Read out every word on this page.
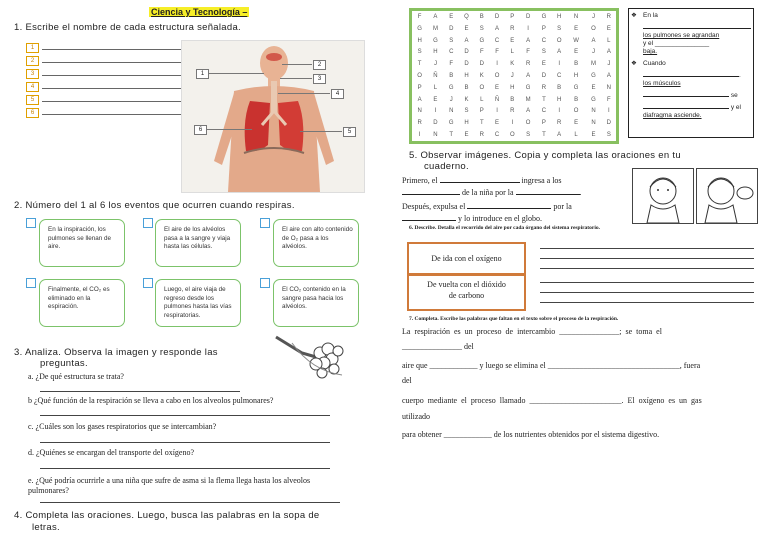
Ciencia y Tecnología –
1. Escribe el nombre de cada estructura señalada.
1
2
3
4
5
6
1
2
3
4
5
6
2. Número del 1 al 6 los eventos que ocurren cuando respiras.
En la inspiración, los pulmones se llenan de aire.
El aire de los alvéolos pasa a la sangre y viaja hasta las células.
El aire con alto contenido de O₂ pasa a los alvéolos.
Finalmente, el CO₂ es eliminado en la espiración.
Luego, el aire viaja de regreso desde los pulmones hasta las vías respiratorias.
El CO₂ contenido en la sangre pasa hacia los alvéolos.
3. Analiza. Observa la imagen y responde las
preguntas.
a. ¿De qué estructura se trata?
b ¿Qué función de la respiración se lleva a cabo en los alveolos pulmonares?
c. ¿Cuáles son los gases respiratorios que se intercambian?
d. ¿Quiénes se encargan del transporte del oxígeno?
e. ¿Qué podría ocurrirle a una niña que sufre de asma si la flema llega hasta los alveolos
pulmonares?
4. Completa las oraciones. Luego, busca las palabras en la sopa de
letras.
F	A	E	Q	B	D	P	D	G	H	N	J	R
G	M	D	E	S	A	R	I	P	S	E	O	E
H	G	S	A	G	C	E	A	C	O	W	A	L
S	H	C	D	F	F	L	F	S	A	E	J	A
T	J	F	D	D	I	K	R	E	I	B	M	J
O	Ñ	B	H	K	O	J	A	D	C	H	G	A
P	L	G	B	O	E	H	G	R	B	G	E	N
A	E	J	K	L	Ñ	B	M	T	H	B	G	F
N	I	N	S	P	I	R	A	C	I	O	N	I
R	D	G	H	T	E	I	O	P	R	E	N	D
I	N	T	E	R	C	O	S	T	A	L	E	S
❖ En la

los pulmones se agrandan
y el _______________
baja.
❖ Cuando
.
los músculos
se
y el
diafragma asciende.
5. Observar imágenes. Copia y completa las oraciones en tu
cuaderno.
Primero, el	ingresa a los
de la niña por la	.
Después, expulsa el	por la
y lo introduce en el globo.
6. Describe. Detalla el recorrido del aire por cada órgano del sistema respiratorio.
De ida con el oxígeno
De vuelta con el dióxido
de carbono
7. Completa. Escribe las palabras que faltan en el texto sobre el proceso de la respiración.
La  respiración  es  un  proceso  de  intercambio  _______________;  se  toma  el
_______________ del
aire que ____________ y luego se elimina el _________________________________, fuera
del
cuerpo  mediante  el  proceso  llamado  _______________________.  El  oxígeno  es  un  gas
utilizado
para obtener ____________ de los nutrientes obtenidos por el sistema digestivo.
